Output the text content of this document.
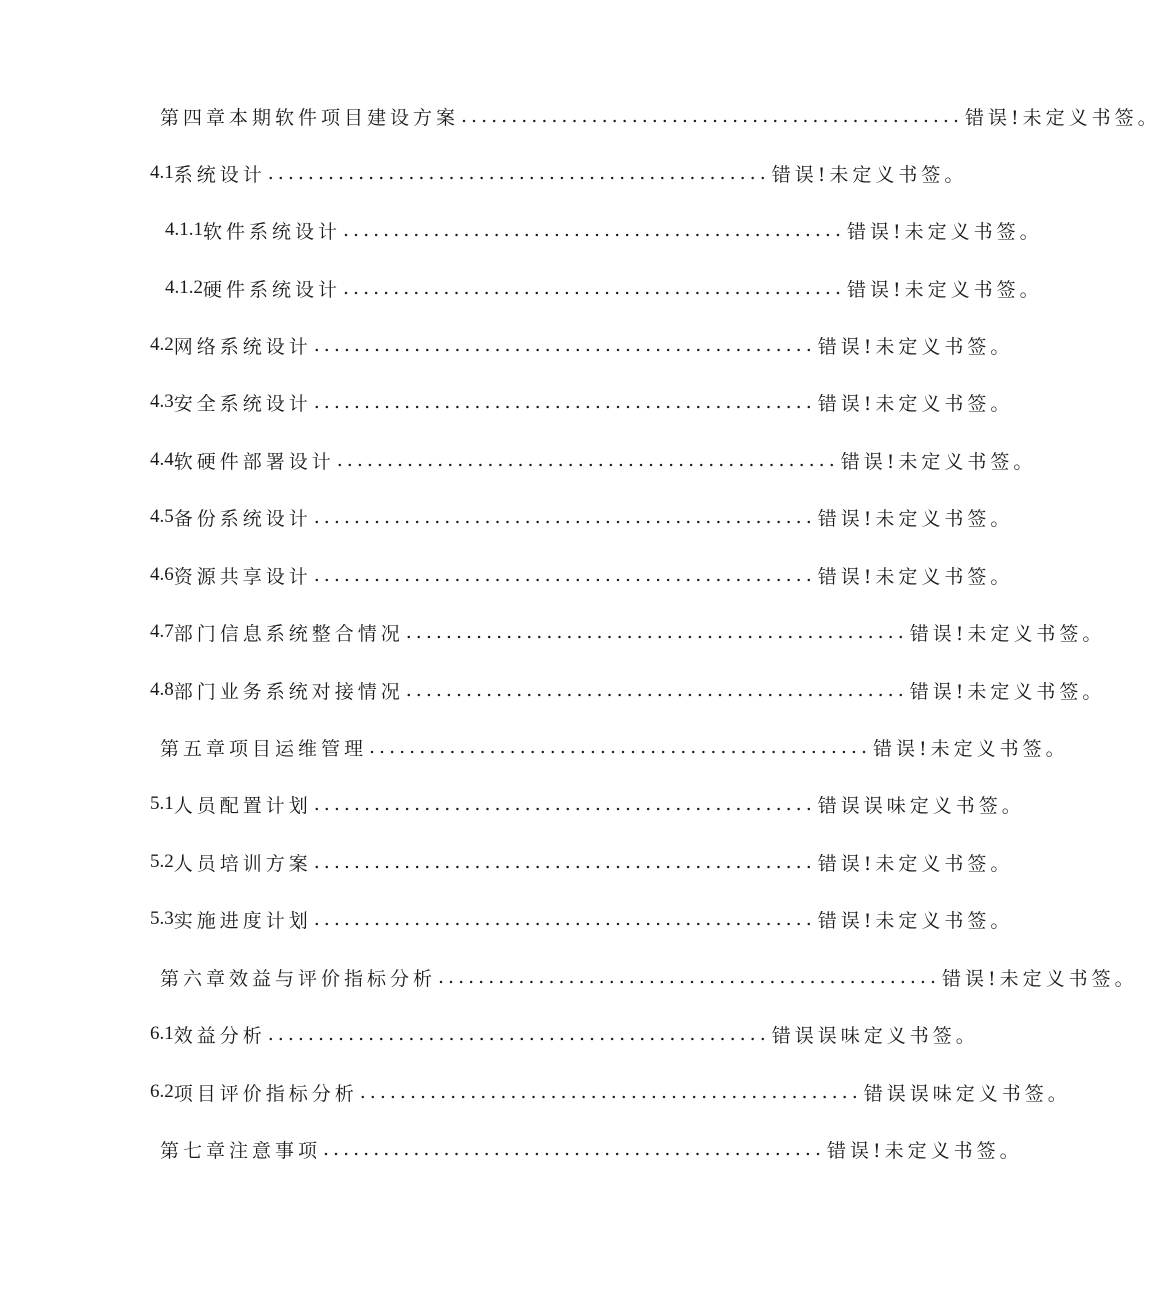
第四章本期软件项目建设方案 .................................................. 错误!未定义书签。
4.1 系统设计 .................................................. 错误!未定义书签。
4.1.1 软件系统设计 .................................................. 错误!未定义书签。
4.1.2 硬件系统设计 .................................................. 错误!未定义书签。
4.2 网络系统设计 .................................................. 错误!未定义书签。
4.3 安全系统设计 .................................................. 错误!未定义书签。
4.4 软硬件部署设计 .................................................. 错误!未定义书签。
4.5 备份系统设计 .................................................. 错误!未定义书签。
4.6 资源共享设计 .................................................. 错误!未定义书签。
4.7 部门信息系统整合情况 .................................................. 错误!未定义书签。
4.8 部门业务系统对接情况 .................................................. 错误!未定义书签。
第五章项目运维管理 .................................................. 错误!未定义书签。
5.1 人员配置计划 .................................................. 错误误味定义书签。
5.2 人员培训方案 .................................................. 错误!未定义书签。
5.3 实施进度计划 .................................................. 错误!未定义书签。
第六章效益与评价指标分析 .................................................. 错误!未定义书签。
6.1 效益分析 .................................................. 错误误味定义书签。
6.2 项目评价指标分析 .................................................. 错误误味定义书签。
第七章注意事项 .................................................. 错误!未定义书签。
